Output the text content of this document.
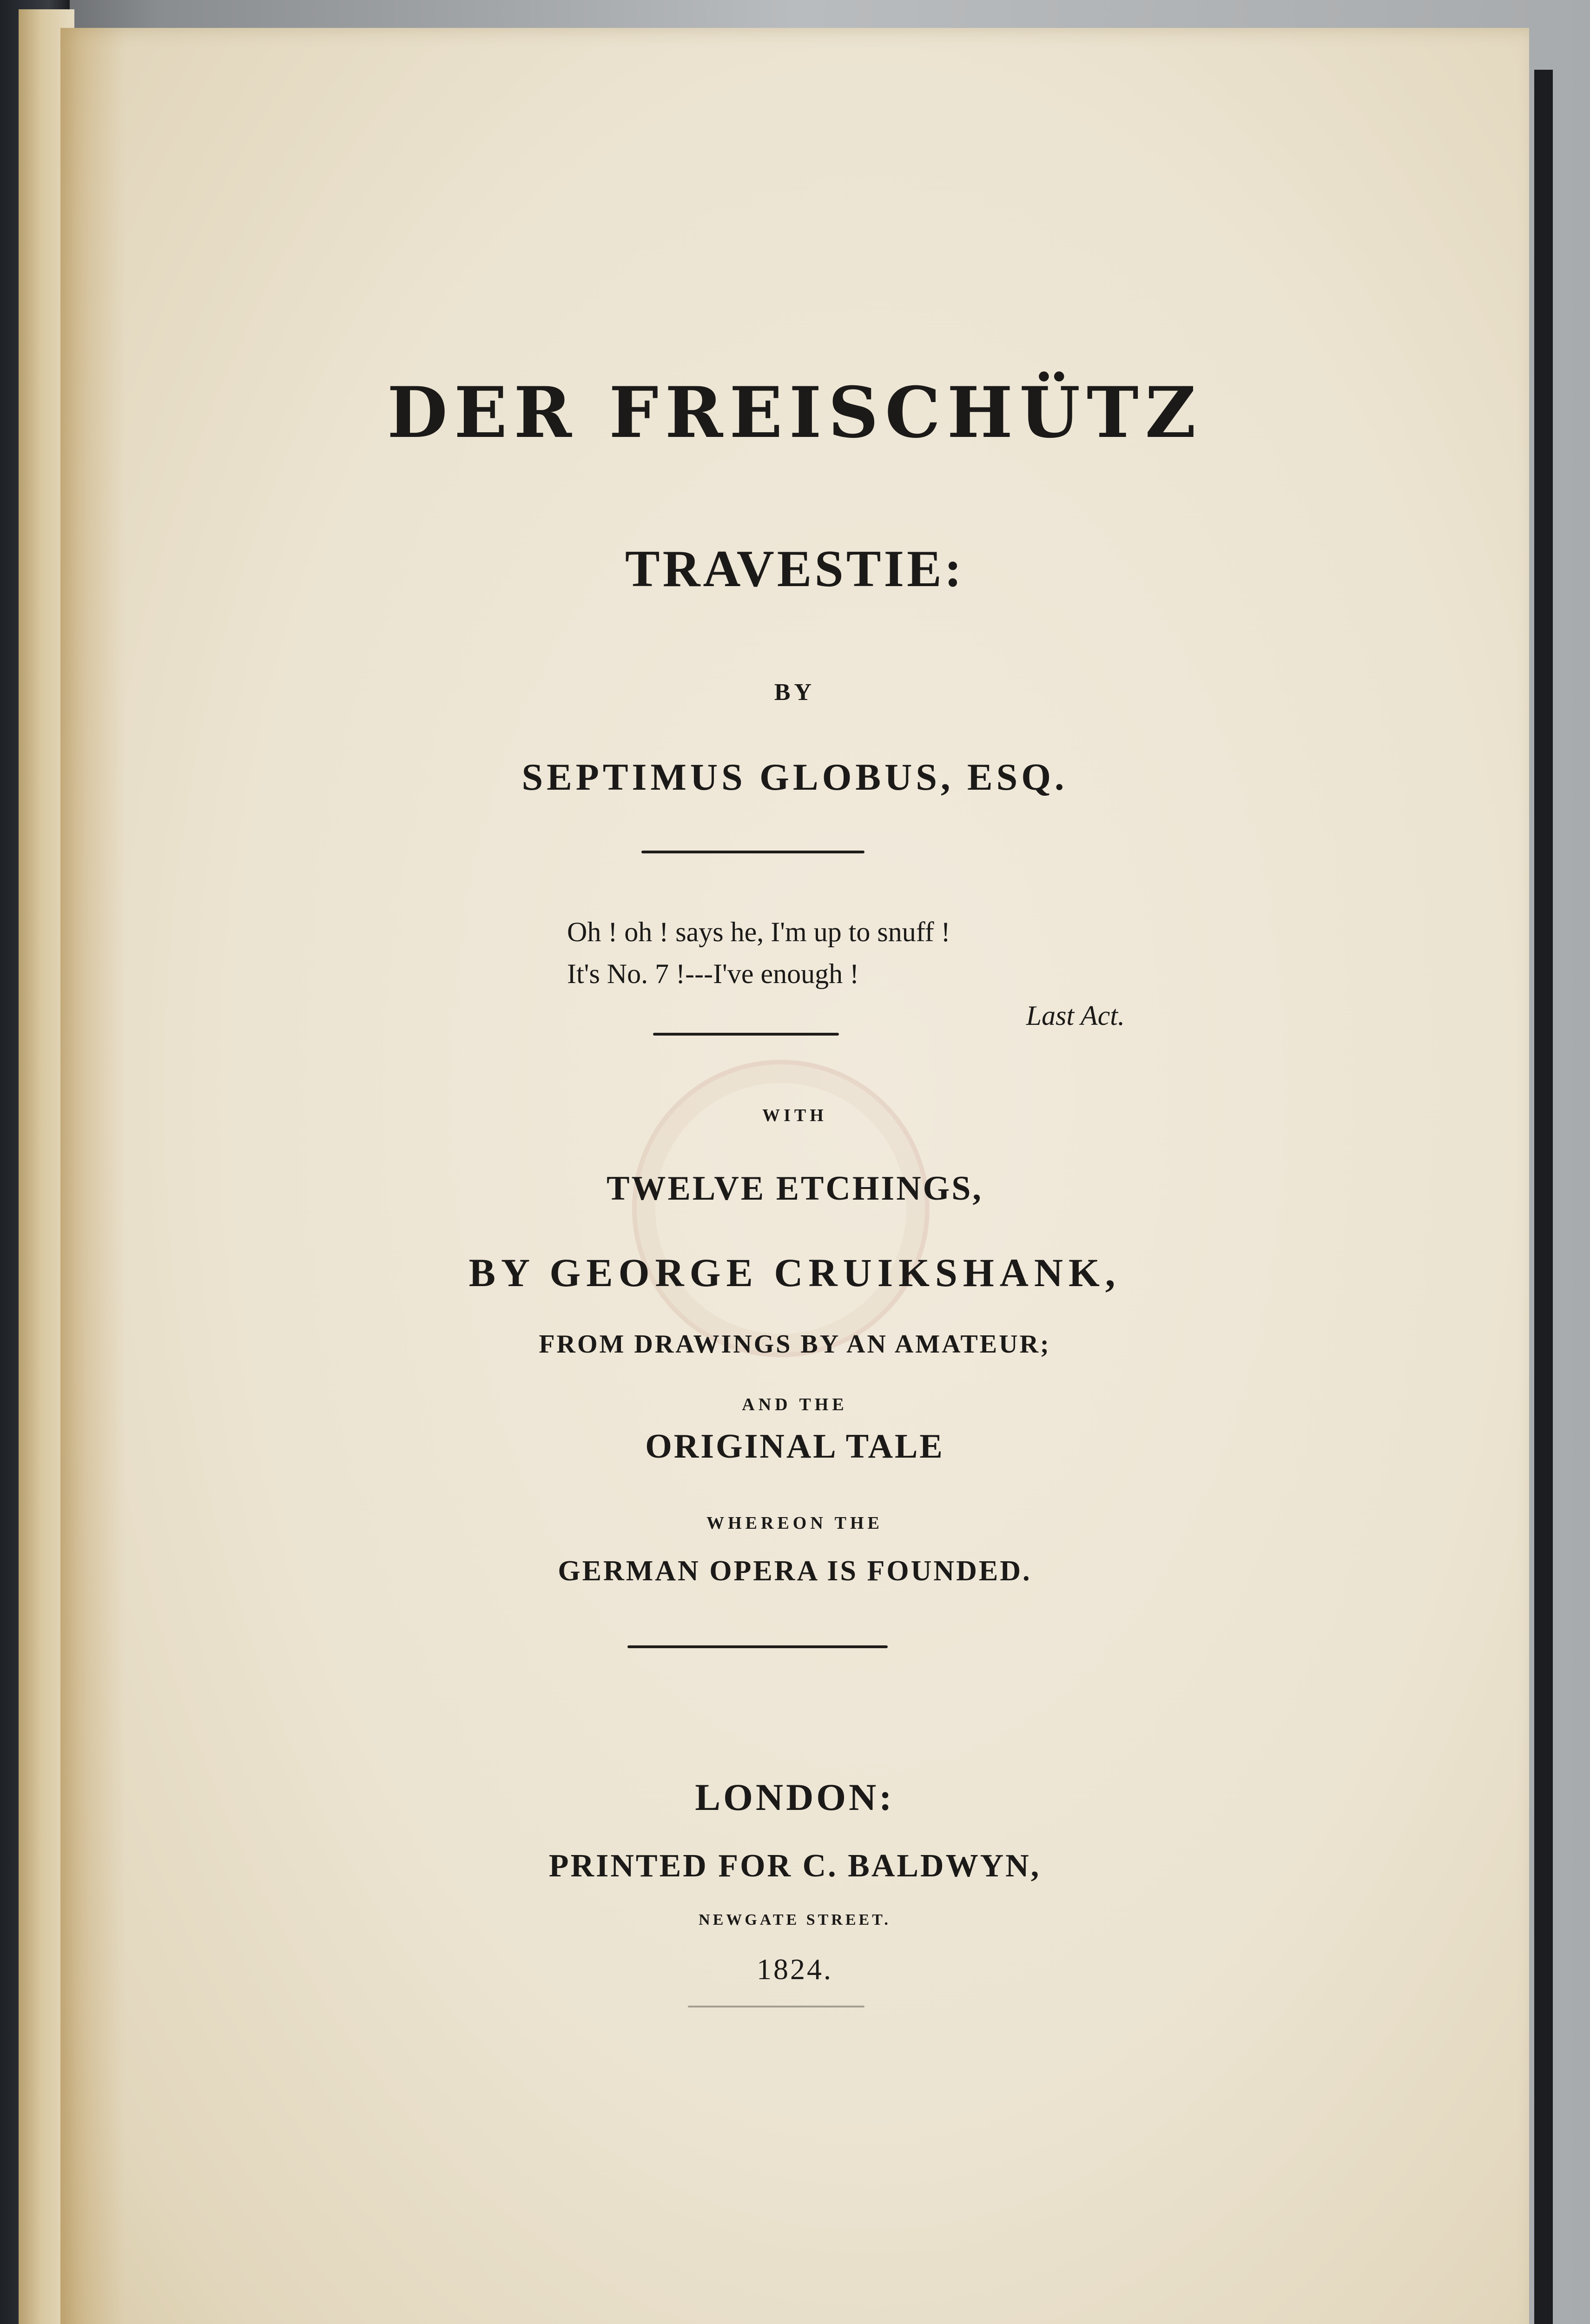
DER FREISCHÜTZ
TRAVESTIE:
BY
SEPTIMUS GLOBUS, ESQ.
Oh ! oh ! says he, I'm up to snuff !
It's No. 7 !---I've enough !
Last Act.
WITH
TWELVE ETCHINGS,
BY GEORGE CRUIKSHANK,
FROM DRAWINGS BY AN AMATEUR;
AND THE
ORIGINAL TALE
WHEREON THE
GERMAN OPERA IS FOUNDED.
LONDON:
PRINTED FOR C. BALDWYN,
NEWGATE STREET.
1824.
